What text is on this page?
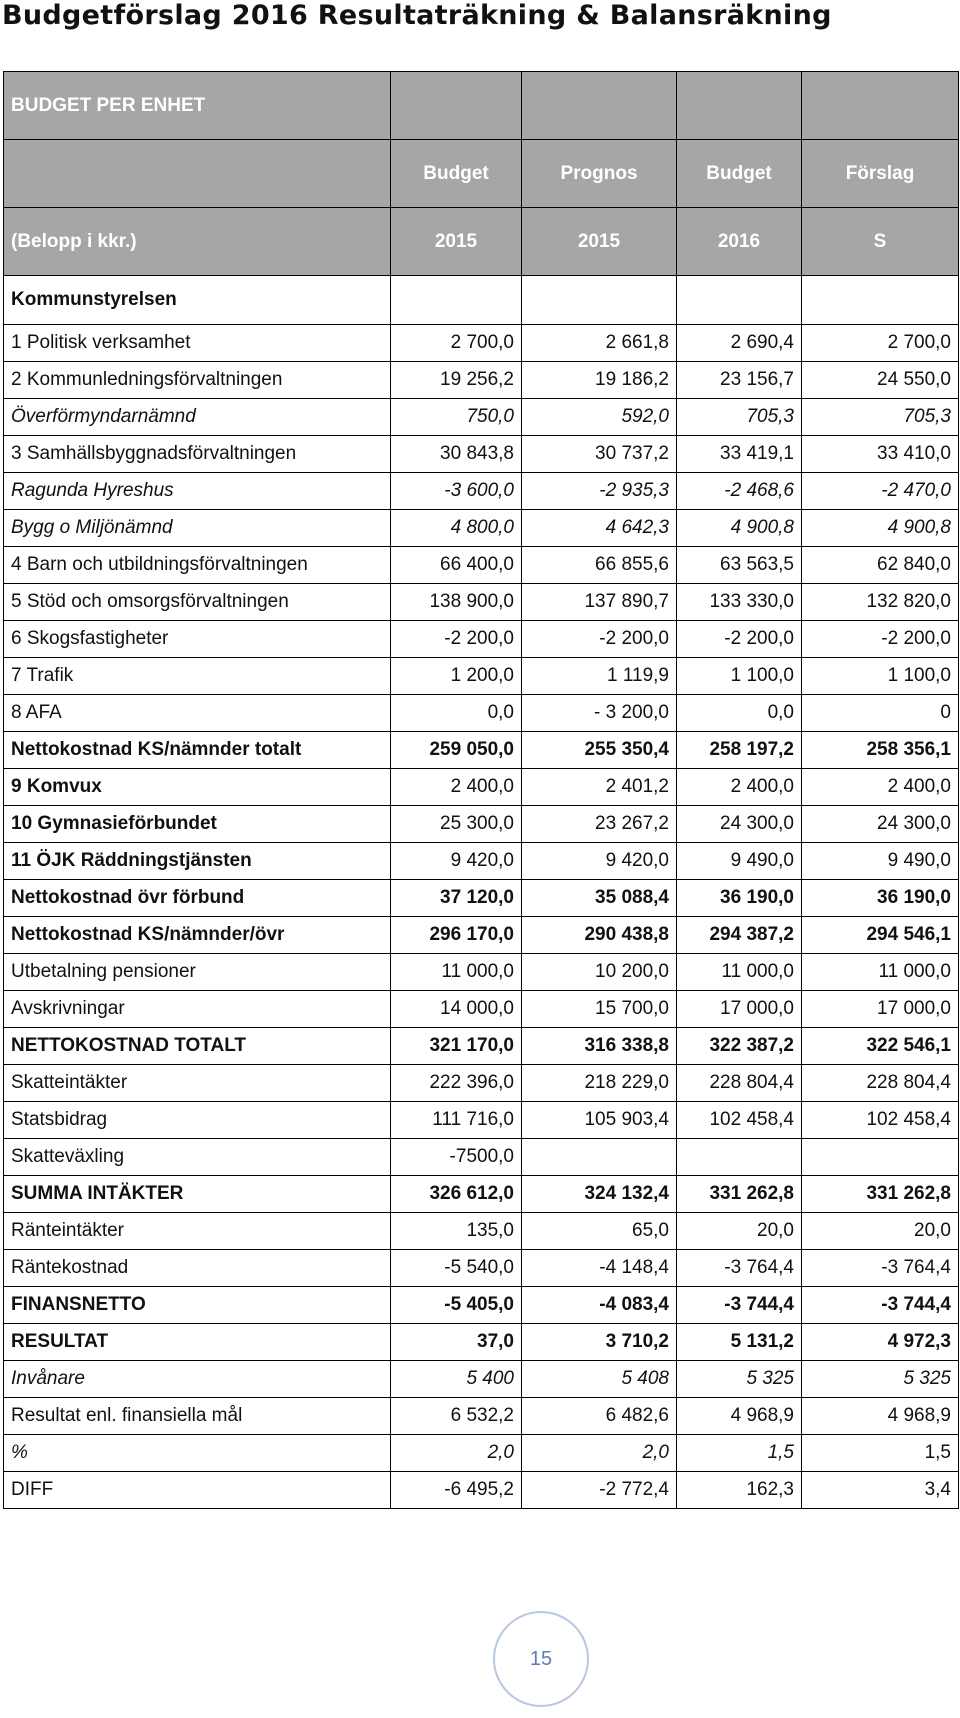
Budgetförslag 2016 Resultaträkning & Balansräkning
BUDGET PER ENHET				
	Budget	Prognos	Budget	Förslag
(Belopp i kkr.)	2015	2015	2016	S
Kommunstyrelsen				
1 Politisk verksamhet	2 700,0	2 661,8	2 690,4	2 700,0
2 Kommunledningsförvaltningen	19 256,2	19 186,2	23 156,7	24 550,0
Överförmyndarnämnd	750,0	592,0	705,3	705,3
3 Samhällsbyggnadsförvaltningen	30 843,8	30 737,2	33 419,1	33 410,0
Ragunda Hyreshus	-3 600,0	-2 935,3	-2 468,6	-2 470,0
Bygg o Miljönämnd	4 800,0	4 642,3	4 900,8	4 900,8
4 Barn och utbildningsförvaltningen	66 400,0	66 855,6	63 563,5	62 840,0
5 Stöd och omsorgsförvaltningen	138 900,0	137 890,7	133 330,0	132 820,0
6 Skogsfastigheter	-2 200,0	-2 200,0	-2 200,0	-2 200,0
7 Trafik	1 200,0	1 119,9	1 100,0	1 100,0
8 AFA	0,0	- 3 200,0	0,0	0
Nettokostnad KS/nämnder totalt	259 050,0	255 350,4	258 197,2	258 356,1
9 Komvux	2 400,0	2 401,2	2 400,0	2 400,0
10 Gymnasieförbundet	25 300,0	23 267,2	24 300,0	24 300,0
11 ÖJK Räddningstjänsten	9 420,0	9 420,0	9 490,0	9 490,0
Nettokostnad övr förbund	37 120,0	35 088,4	36 190,0	36 190,0
Nettokostnad KS/nämnder/övr	296 170,0	290 438,8	294 387,2	294 546,1
Utbetalning pensioner	11 000,0	10 200,0	11 000,0	11 000,0
Avskrivningar	14 000,0	15 700,0	17 000,0	17 000,0
NETTOKOSTNAD TOTALT	321 170,0	316 338,8	322 387,2	322 546,1
Skatteintäkter	222 396,0	218 229,0	228 804,4	228 804,4
Statsbidrag	111 716,0	105 903,4	102 458,4	102 458,4
Skatteväxling	-7500,0			
SUMMA INTÄKTER	326 612,0	324 132,4	331 262,8	331 262,8
Ränteintäkter	135,0	65,0	20,0	20,0
Räntekostnad	-5 540,0	-4 148,4	-3 764,4	-3 764,4
FINANSNETTO	-5 405,0	-4 083,4	-3 744,4	-3 744,4
RESULTAT	37,0	3 710,2	5 131,2	4 972,3
Invånare	5 400	5 408	5 325	5 325
Resultat enl. finansiella mål	6 532,2	6 482,6	4 968,9	4 968,9
%	2,0	2,0	1,5	1,5
DIFF	-6 495,2	-2 772,4	162,3	3,4
15
